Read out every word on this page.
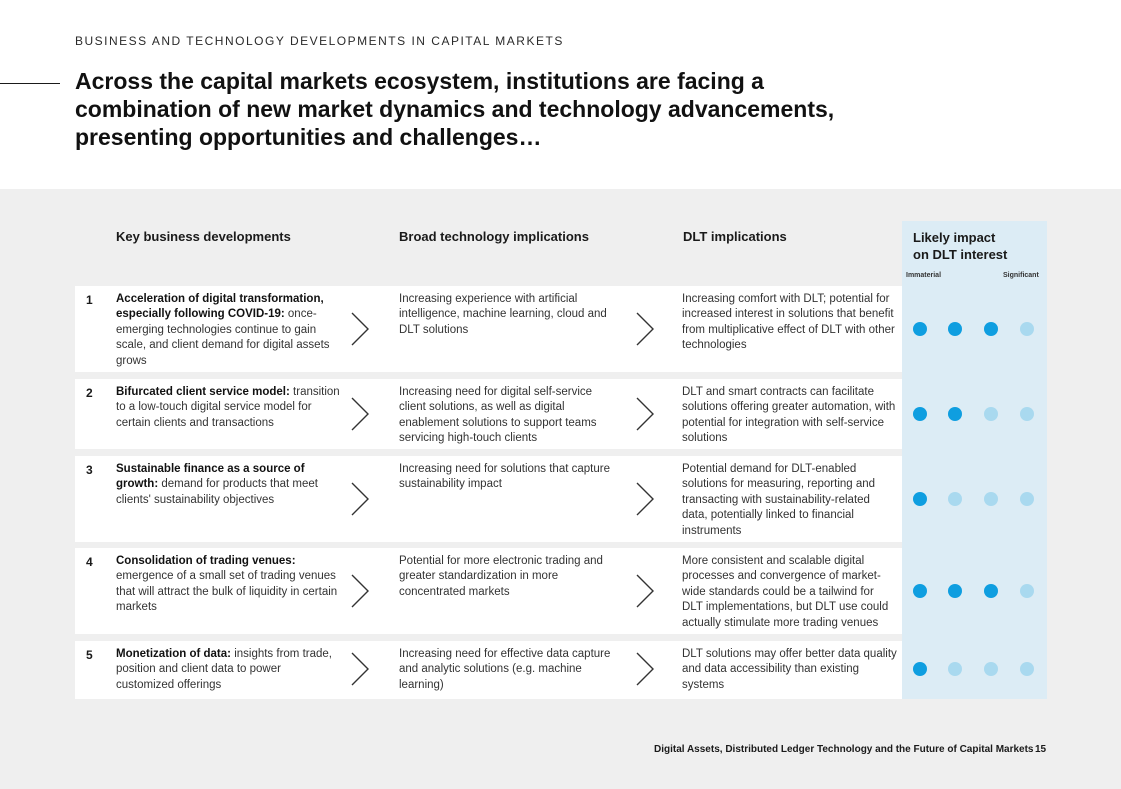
BUSINESS AND TECHNOLOGY DEVELOPMENTS IN CAPITAL MARKETS
Across the capital markets ecosystem, institutions are facing a combination of new market dynamics and technology advancements, presenting opportunities and challenges…
Key business developments	Broad technology implications	DLT implications	Likely impact
on DLT interest
Immaterial	Significant
1 Acceleration of digital transformation, especially following COVID-19: once-emerging technologies continue to gain scale, and client demand for digital assets grows
Increasing experience with artificial intelligence, machine learning, cloud and DLT solutions
Increasing comfort with DLT; potential for increased interest in solutions that benefit from multiplicative effect of DLT with other technologies
2 Bifurcated client service model: transition to a low-touch digital service model for certain clients and transactions
Increasing need for digital self-service client solutions, as well as digital enablement solutions to support teams servicing high-touch clients
DLT and smart contracts can facilitate solutions offering greater automation, with potential for integration with self-service solutions
3 Sustainable finance as a source of growth: demand for products that meet clients' sustainability objectives
Increasing need for solutions that capture sustainability impact
Potential demand for DLT-enabled solutions for measuring, reporting and transacting with sustainability-related data, potentially linked to financial instruments
4 Consolidation of trading venues: emergence of a small set of trading venues that will attract the bulk of liquidity in certain markets
Potential for more electronic trading and greater standardization in more concentrated markets
More consistent and scalable digital processes and convergence of market-wide standards could be a tailwind for DLT implementations, but DLT use could actually stimulate more trading venues
5 Monetization of data: insights from trade, position and client data to power customized offerings
Increasing need for effective data capture and analytic solutions (e.g. machine learning)
DLT solutions may offer better data quality and data accessibility than existing systems
Digital Assets, Distributed Ledger Technology and the Future of Capital Markets 15
